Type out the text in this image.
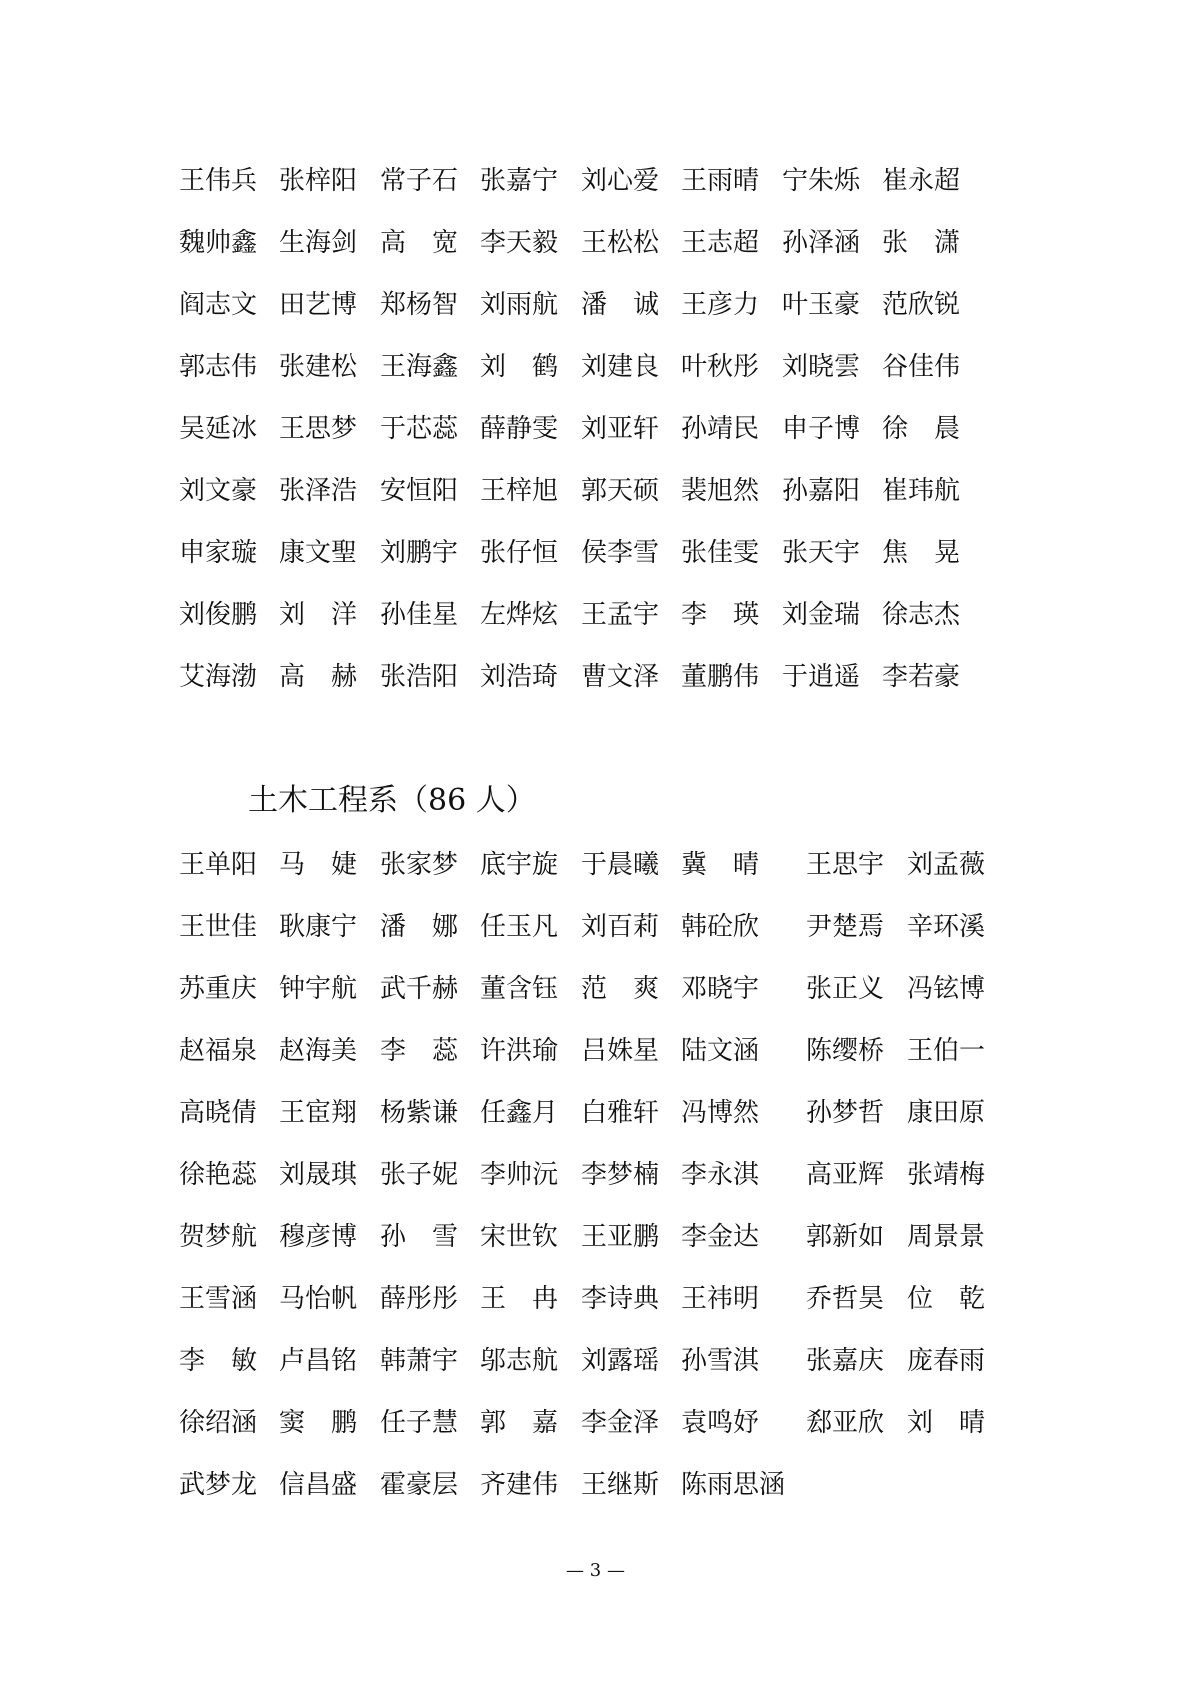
王伟兵 张梓阳 常子石 张嘉宁 刘心爱 王雨晴 宁朱烁 崔永超
魏帅鑫 生海剑 高　宽 李天毅 王松松 王志超 孙泽涵 张　潇
阎志文 田艺博 郑杨智 刘雨航 潘　诚 王彦力 叶玉豪 范欣锐
郭志伟 张建松 王海鑫 刘　鹤 刘建良 叶秋彤 刘晓雲 谷佳伟
吴延冰 王思梦 于芯蕊 薛静雯 刘亚轩 孙靖民 申子博 徐　晨
刘文豪 张泽浩 安恒阳 王梓旭 郭天硕 裴旭然 孙嘉阳 崔玮航
申家璇 康文聖 刘鹏宇 张仔恒 侯李雪 张佳雯 张天宇 焦　晃
刘俊鹏 刘　洋 孙佳星 左烨炫 王孟宇 李　瑛 刘金瑞 徐志杰
艾海渤 高　赫 张浩阳 刘浩琦 曹文泽 董鹏伟 于逍遥 李若豪
土木工程系（86 人）
王单阳 马　婕 张家梦 底宇旋 于晨曦 冀　晴 王思宇 刘孟薇
王世佳 耿康宁 潘　娜 任玉凡 刘百莉 韩砼欣 尹楚焉 辛环溪
苏重庆 钟宇航 武千赫 董含钰 范　爽 邓晓宇 张正义 冯铉博
赵福泉 赵海美 李　蕊 许洪瑜 吕姝星 陆文涵 陈缨桥 王伯一
高晓倩 王宦翔 杨紫谦 任鑫月 白雅轩 冯博然 孙梦哲 康田原
徐艳蕊 刘晟琪 张子妮 李帅沅 李梦楠 李永淇 高亚辉 张靖梅
贺梦航 穆彦博 孙　雪 宋世钦 王亚鹏 李金达 郭新如 周景景
王雪涵 马怡帆 薛彤彤 王　冉 李诗典 王祎明 乔哲昊 位　乾
李　敏 卢昌铭 韩萧宇 邬志航 刘露瑶 孙雪淇 张嘉庆 庞春雨
徐绍涵 窦　鹏 任子慧 郭　嘉 李金泽 袁鸣妤 郄亚欣 刘　晴
武梦龙 信昌盛 霍豪层 齐建伟 王继斯 陈雨思涵
— 3 —
